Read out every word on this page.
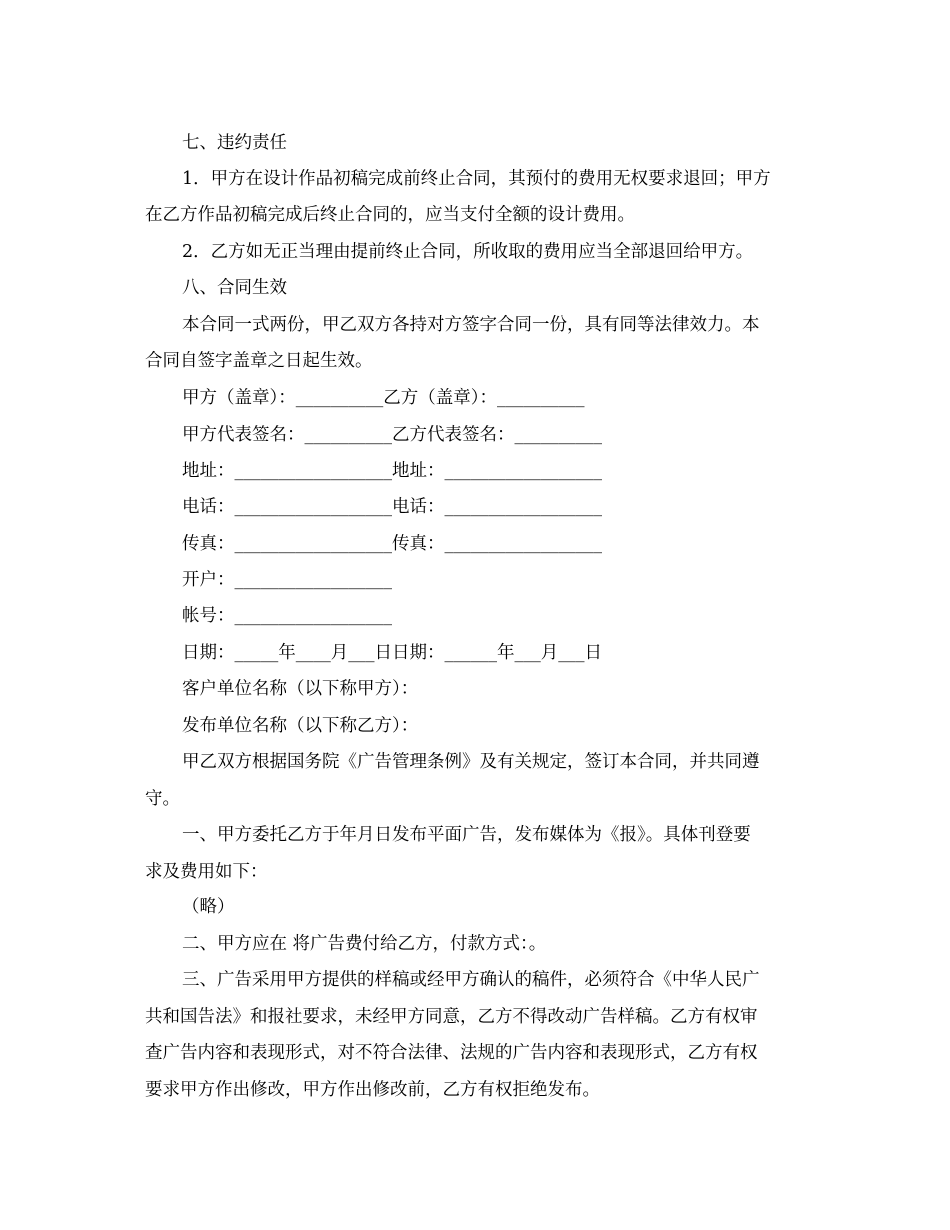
七、违约责任
1．甲方在设计作品初稿完成前终止合同，其预付的费用无权要求退回；甲方
在乙方作品初稿完成后终止合同的，应当支付全额的设计费用。
2．乙方如无正当理由提前终止合同，所收取的费用应当全部退回给甲方。
八、合同生效
本合同一式两份，甲乙双方各持对方签字合同一份，具有同等法律效力。本
合同自签字盖章之日起生效。
甲方（盖章）：__________乙方（盖章）：__________
甲方代表签名：__________乙方代表签名：__________
地址：__________________地址：__________________
电话：__________________电话：__________________
传真：__________________传真：__________________
开户：__________________
帐号：__________________
日期：_____年____月___日日期：______年___月___日
客户单位名称（以下称甲方）：
发布单位名称（以下称乙方）：
甲乙双方根据国务院《广告管理条例》及有关规定，签订本合同，并共同遵
守。
一、甲方委托乙方于年月日发布平面广告，发布媒体为《报》。具体刊登要
求及费用如下：
（略）
二、甲方应在 将广告费付给乙方，付款方式：。
三、广告采用甲方提供的样稿或经甲方确认的稿件，必须符合《中华人民广
共和国告法》和报社要求，未经甲方同意，乙方不得改动广告样稿。乙方有权审
查广告内容和表现形式，对不符合法律、法规的广告内容和表现形式，乙方有权
要求甲方作出修改，甲方作出修改前，乙方有权拒绝发布。
